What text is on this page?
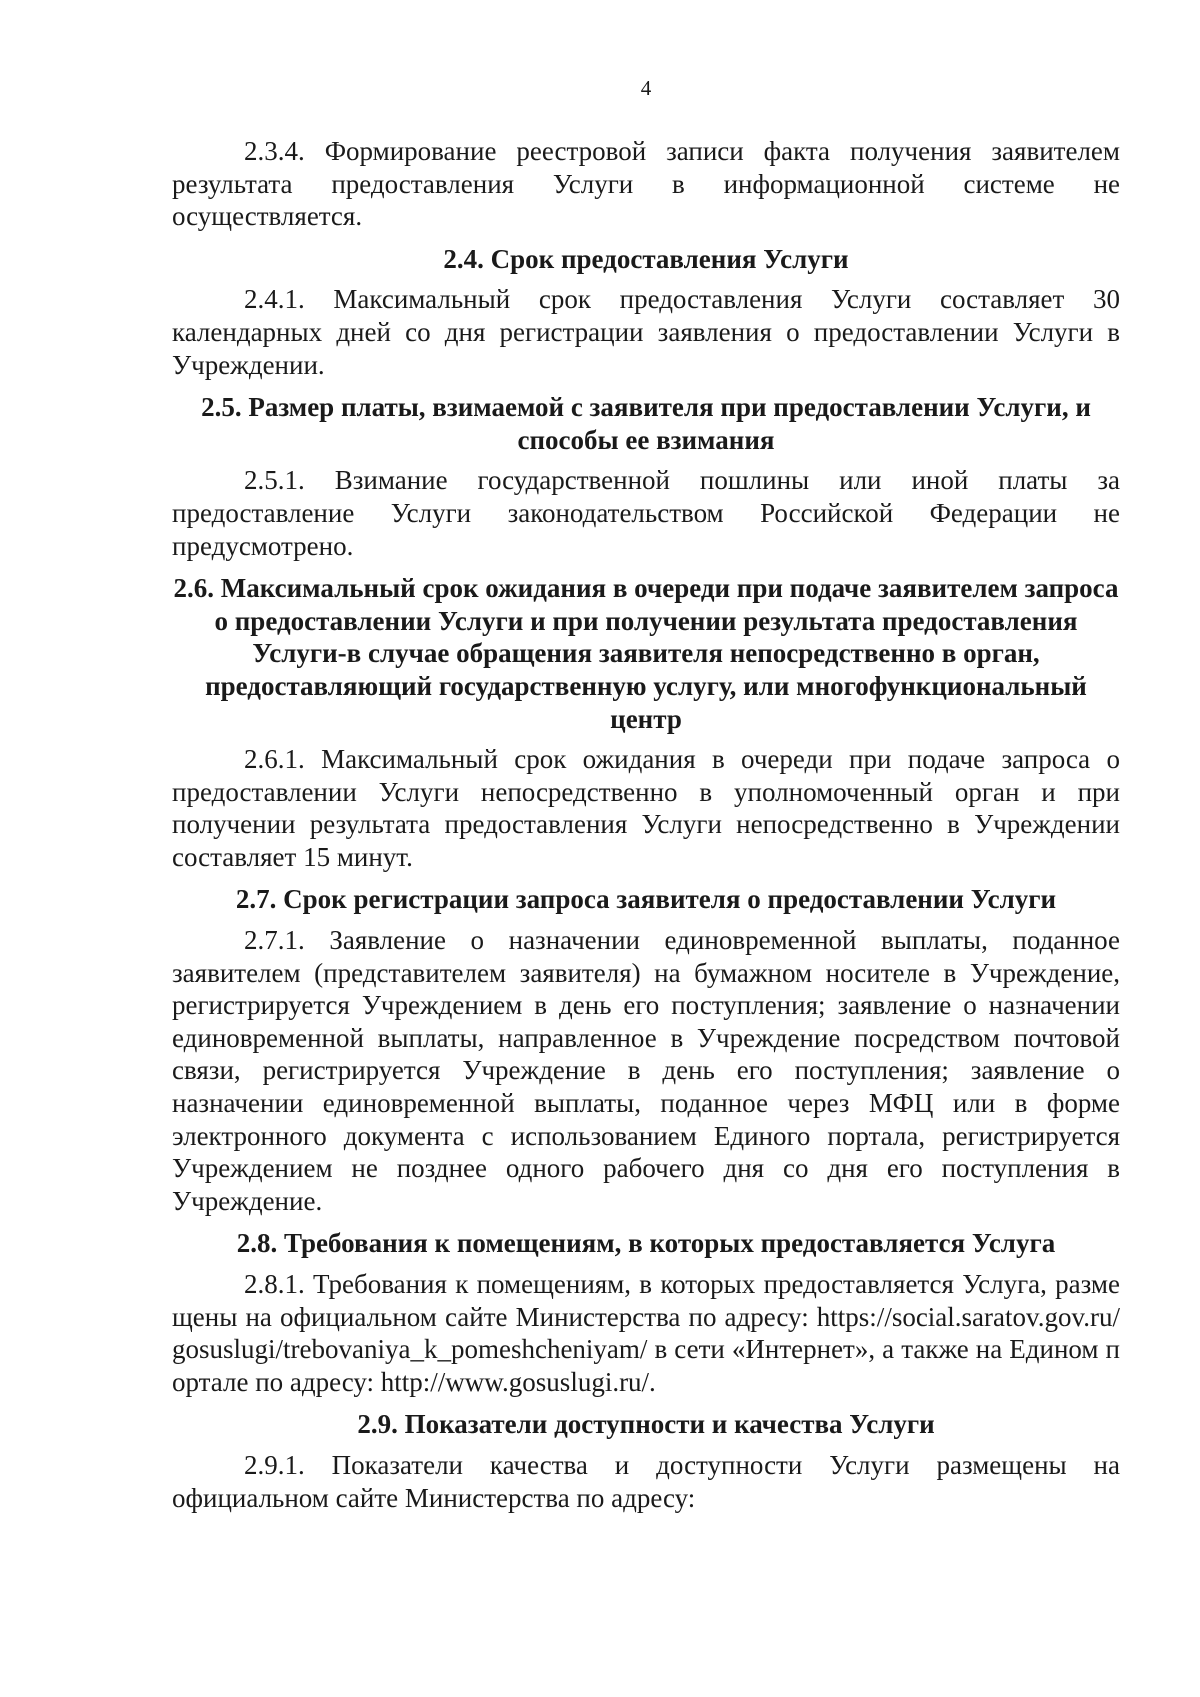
4

2.3.4. Формирование реестровой записи факта получения заявителем результата предоставления Услуги в информационной системе не осуществляется.

2.4. Срок предоставления Услуги

2.4.1. Максимальный срок предоставления Услуги составляет 30 календарных дней со дня регистрации заявления о предоставлении Услуги в Учреждении.

2.5. Размер платы, взимаемой с заявителя при предоставлении Услуги, и способы ее взимания

2.5.1. Взимание государственной пошлины или иной платы за предоставление Услуги законодательством Российской Федерации не предусмотрено.

2.6. Максимальный срок ожидания в очереди при подаче заявителем запроса о предоставлении Услуги и при получении результата предоставления Услуги-в случае обращения заявителя непосредственно в орган, предоставляющий государственную услугу, или многофункциональный центр

2.6.1. Максимальный срок ожидания в очереди при подаче запроса о предоставлении Услуги непосредственно в уполномоченный орган и при получении результата предоставления Услуги непосредственно в Учреждении составляет 15 минут.

2.7. Срок регистрации запроса заявителя о предоставлении Услуги

2.7.1. Заявление о назначении единовременной выплаты, поданное заявителем (представителем заявителя) на бумажном носителе в Учреждение, регистрируется Учреждением в день его поступления; заявление о назначении единовременной выплаты, направленное в Учреждение посредством почтовой связи, регистрируется Учреждение в день его поступления; заявление о назначении единовременной выплаты, поданное через МФЦ или в форме электронного документа с использованием Единого портала, регистрируется Учреждением не позднее одного рабочего дня со дня его поступления в Учреждение.

2.8. Требования к помещениям, в которых предоставляется Услуга

2.8.1. Требования к помещениям, в которых предоставляется Услуга, размещены на официальном сайте Министерства по адресу: https://social.saratov.gov.ru/gosuslugi/trebovaniya_k_pomeshcheniyam/ в сети «Интернет», а также на Едином портале по адресу: http://www.gosuslugi.ru/.

2.9. Показатели доступности и качества Услуги

2.9.1. Показатели качества и доступности Услуги размещены на официальном сайте Министерства по адресу:
